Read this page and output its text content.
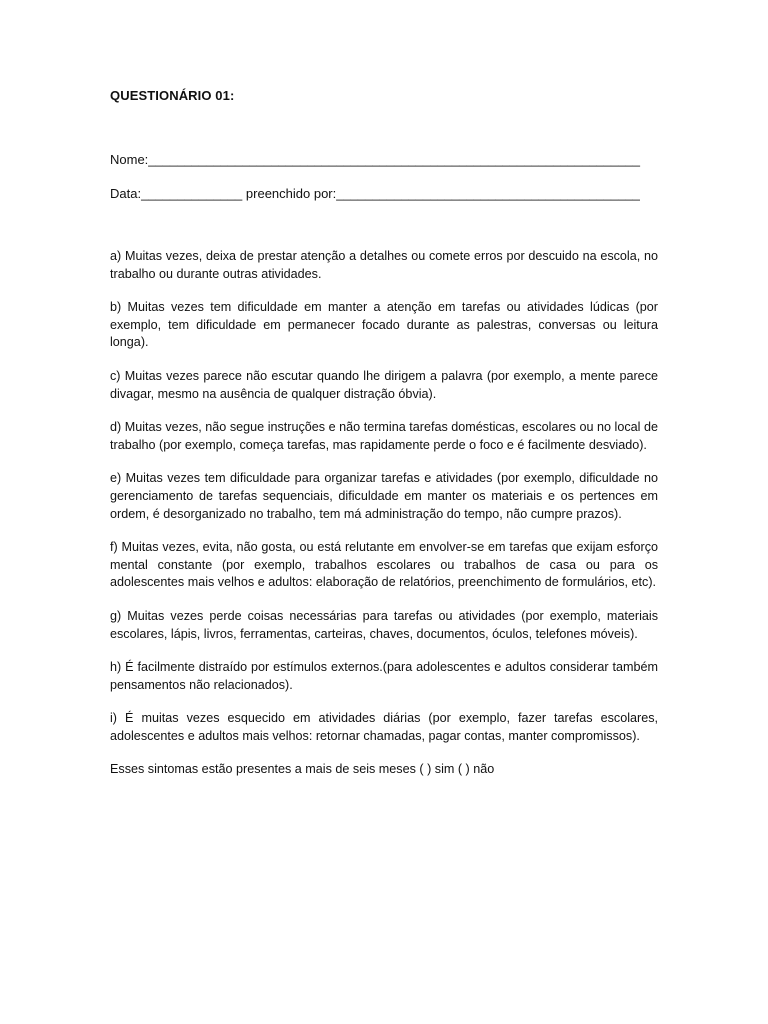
QUESTIONÁRIO 01:
Nome:____________________________________________________________________
Data:______________ preenchido por:__________________________________________

a) Muitas vezes, deixa de prestar atenção a detalhes ou comete erros por descuido na escola, no trabalho ou durante outras atividades.

b) Muitas vezes tem dificuldade em manter a atenção em tarefas ou atividades lúdicas (por exemplo, tem dificuldade em permanecer focado durante as palestras, conversas ou leitura longa).

c) Muitas vezes parece não escutar quando lhe dirigem a palavra (por exemplo, a mente parece divagar, mesmo na ausência de qualquer distração óbvia).

d) Muitas vezes, não segue instruções e não termina tarefas domésticas, escolares ou no local de trabalho (por exemplo, começa tarefas, mas rapidamente perde o foco e é facilmente desviado).

e) Muitas vezes tem dificuldade para organizar tarefas e atividades (por exemplo, dificuldade no gerenciamento de tarefas sequenciais, dificuldade em manter os materiais e os pertences em ordem, é desorganizado no trabalho, tem má administração do tempo, não cumpre prazos).

f) Muitas vezes, evita, não gosta, ou está relutante em envolver-se em tarefas que exijam esforço mental constante (por exemplo, trabalhos escolares ou trabalhos de casa ou para os adolescentes mais velhos e adultos: elaboração de relatórios, preenchimento de formulários, etc).

g) Muitas vezes perde coisas necessárias para tarefas ou atividades (por exemplo, materiais escolares, lápis, livros, ferramentas, carteiras, chaves, documentos, óculos, telefones móveis).

h) É facilmente distraído por estímulos externos.(para adolescentes e adultos considerar também pensamentos não relacionados).

i) É muitas vezes esquecido em atividades diárias (por exemplo, fazer tarefas escolares, adolescentes e adultos mais velhos: retornar chamadas, pagar contas, manter compromissos).

Esses sintomas estão presentes a mais de seis meses ( ) sim ( ) não
